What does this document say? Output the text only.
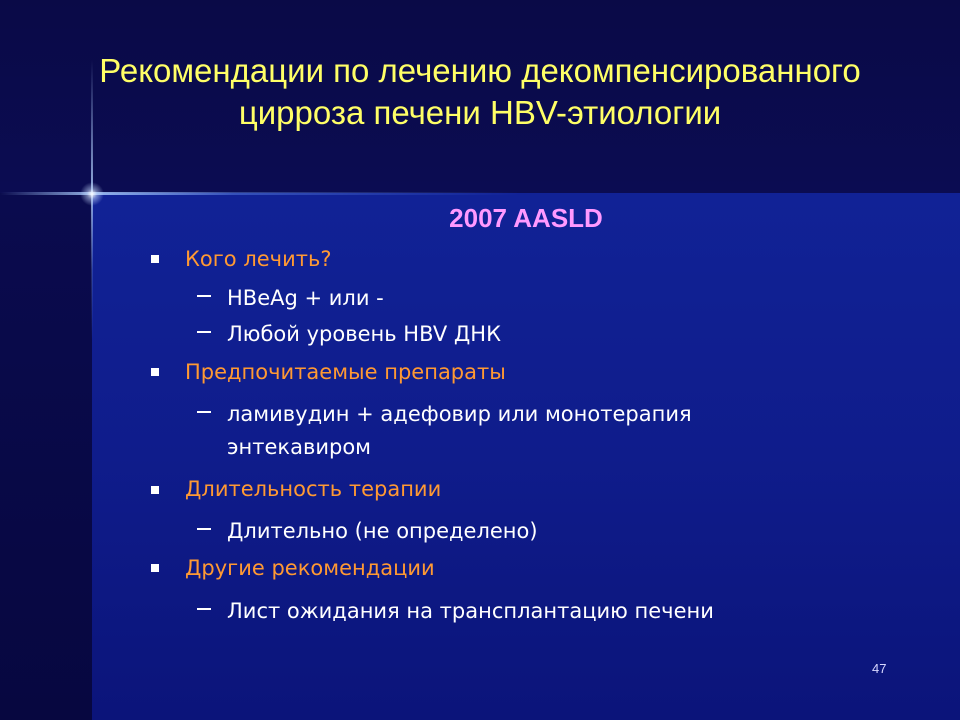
Рекомендации по лечению декомпенсированного
цирроза печени HBV-этиологии
2007 AASLD
Кого лечить?
HBeAg + или -
Любой уровень HBV ДНК
Предпочитаемые препараты
ламивудин + адефовир или монотерапия
энтекавиром
Длительность терапии
Длительно (не определено)
Другие рекомендации
Лист ожидания на трансплантацию печени
47
